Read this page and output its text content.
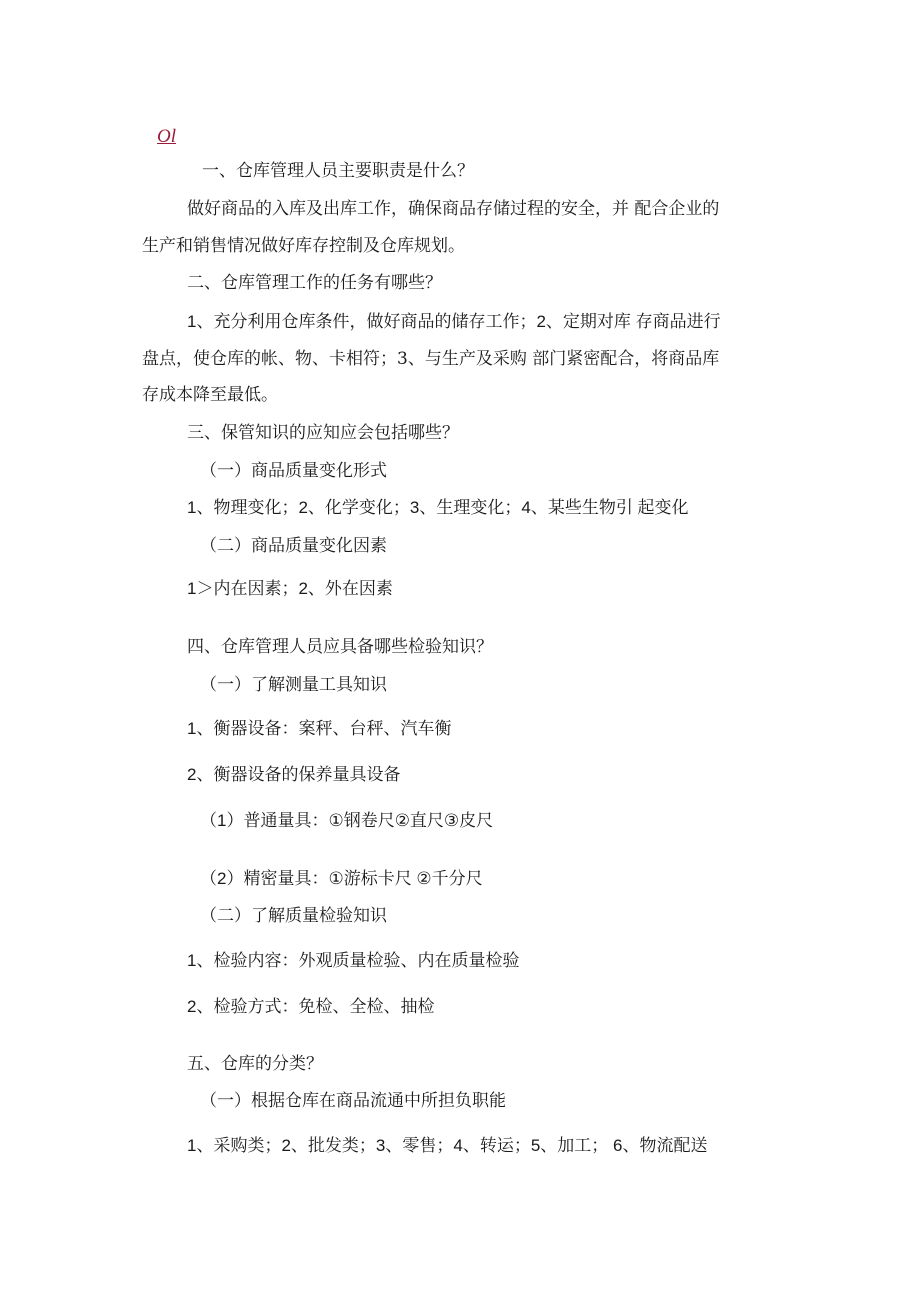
Ol
一、仓库管理人员主要职责是什么？
做好商品的入库及出库工作，确保商品存储过程的安全，并 配合企业的
生产和销售情况做好库存控制及仓库规划。
二、仓库管理工作的任务有哪些？
1、充分利用仓库条件，做好商品的储存工作；2、定期对库 存商品进行
盘点，使仓库的帐、物、卡相符；3、与生产及采购 部门紧密配合，将商品库
存成本降至最低。
三、保管知识的应知应会包括哪些？
（一）商品质量变化形式
1、物理变化；2、化学变化；3、生理变化；4、某些生物引 起变化
（二）商品质量变化因素
1＞内在因素；2、外在因素
四、仓库管理人员应具备哪些检验知识？
（一）了解测量工具知识
1、衡器设备：案秤、台秤、汽车衡
2、衡器设备的保养量具设备
（1）普通量具：①钢卷尺②直尺③皮尺
（2）精密量具：①游标卡尺 ②千分尺
（二）了解质量检验知识
1、检验内容：外观质量检验、内在质量检验
2、检验方式：免检、全检、抽检
五、仓库的分类？
（一）根据仓库在商品流通中所担负职能
1、采购类；2、批发类；3、零售；4、转运；5、加工； 6、物流配送
